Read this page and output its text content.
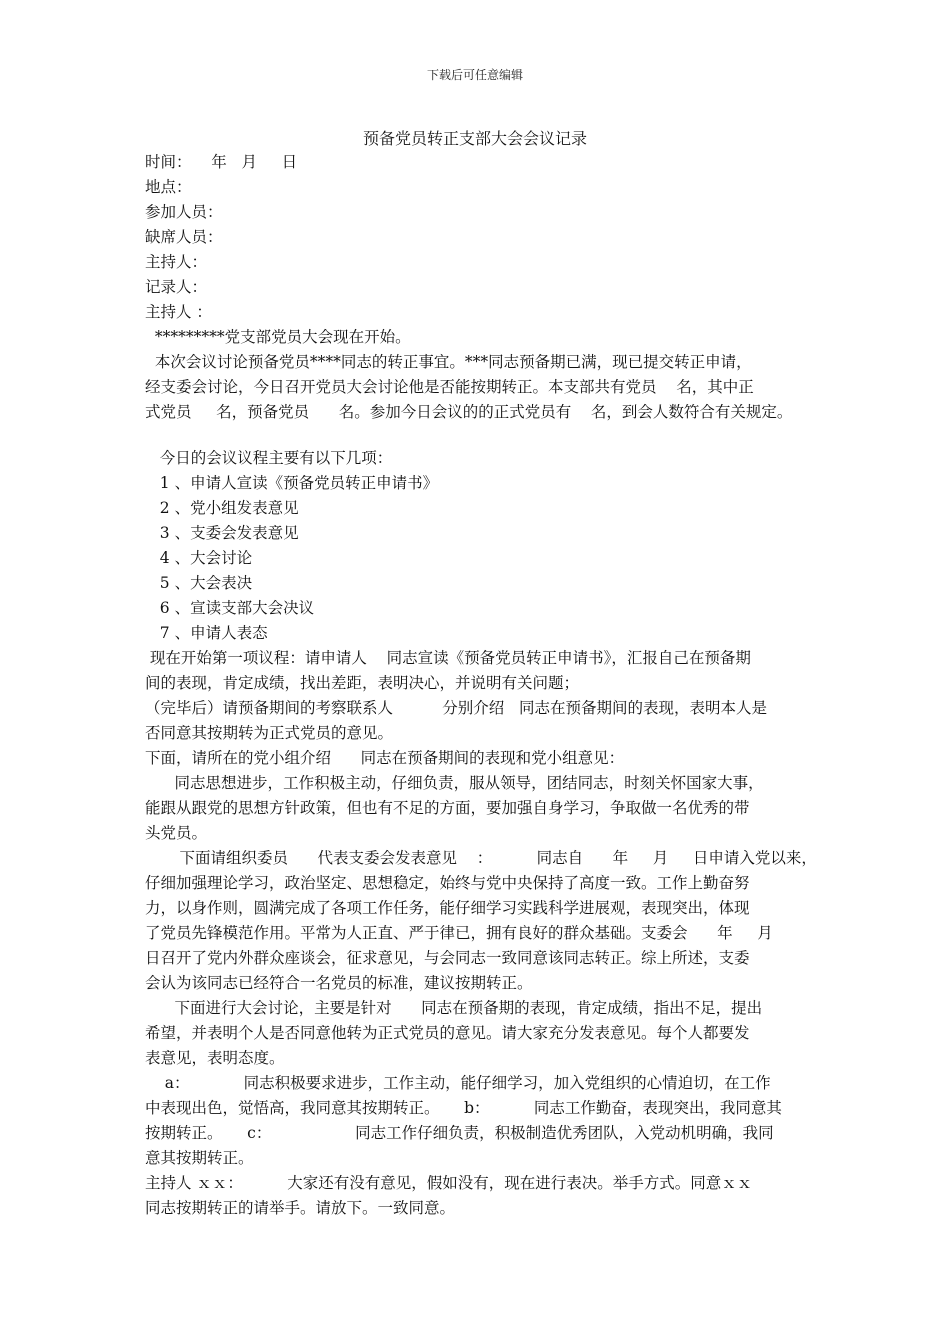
下载后可任意编辑
预备党员转正支部大会会议记录
时间：    年   月     日
地点：
参加人员：
缺席人员：
主持人：
记录人：
主持人 ：
*********党支部党员大会现在开始。
本次会议讨论预备党员****同志的转正事宜。***同志预备期已满，现已提交转正申请，
经支委会讨论，今日召开党员大会讨论他是否能按期转正。本支部共有党员    名，其中正
式党员     名，预备党员      名。参加今日会议的的正式党员有    名，到会人数符合有关规定。
今日的会议议程主要有以下几项：
1 、申请人宣读《预备党员转正申请书》
2 、党小组发表意见
3 、支委会发表意见
4 、大会讨论
5 、大会表决
6 、宣读支部大会决议
7 、申请人表态
现在开始第一项议程：请申请人    同志宣读《预备党员转正申请书》，汇报自己在预备期
间的表现，肯定成绩，找出差距，表明决心，并说明有关问题；
（完毕后）请预备期间的考察联系人          分别介绍   同志在预备期间的表现，表明本人是
否同意其按期转为正式党员的意见。
下面，请所在的党小组介绍      同志在预备期间的表现和党小组意见：
同志思想进步，工作积极主动，仔细负责，服从领导，团结同志，时刻关怀国家大事，
能跟从跟党的思想方针政策，但也有不足的方面，要加强自身学习，争取做一名优秀的带
头党员。
下面请组织委员      代表支委会发表意见    ：         同志自      年     月     日申请入党以来，
仔细加强理论学习，政治坚定、思想稳定，始终与党中央保持了高度一致。工作上勤奋努
力，以身作则，圆满完成了各项工作任务，能仔细学习实践科学进展观，表现突出，体现
了党员先锋模范作用。平常为人正直、严于律已，拥有良好的群众基础。支委会      年     月
日召开了党内外群众座谈会，征求意见，与会同志一致同意该同志转正。综上所述，支委
会认为该同志已经符合一名党员的标准，建议按期转正。
下面进行大会讨论，主要是针对      同志在预备期的表现，肯定成绩，指出不足，提出
希望，并表明个人是否同意他转为正式党员的意见。请大家充分发表意见。每个人都要发
表意见，表明态度。
a：           同志积极要求进步，工作主动，能仔细学习，加入党组织的心情迫切，在工作
中表现出色，觉悟高，我同意其按期转正。     b：         同志工作勤奋，表现突出，我同意其
按期转正。     c：                 同志工作仔细负责，积极制造优秀团队，入党动机明确，我同
意其按期转正。
主持人 ｘｘ：         大家还有没有意见，假如没有，现在进行表决。举手方式。同意ｘｘ
同志按期转正的请举手。请放下。一致同意。
